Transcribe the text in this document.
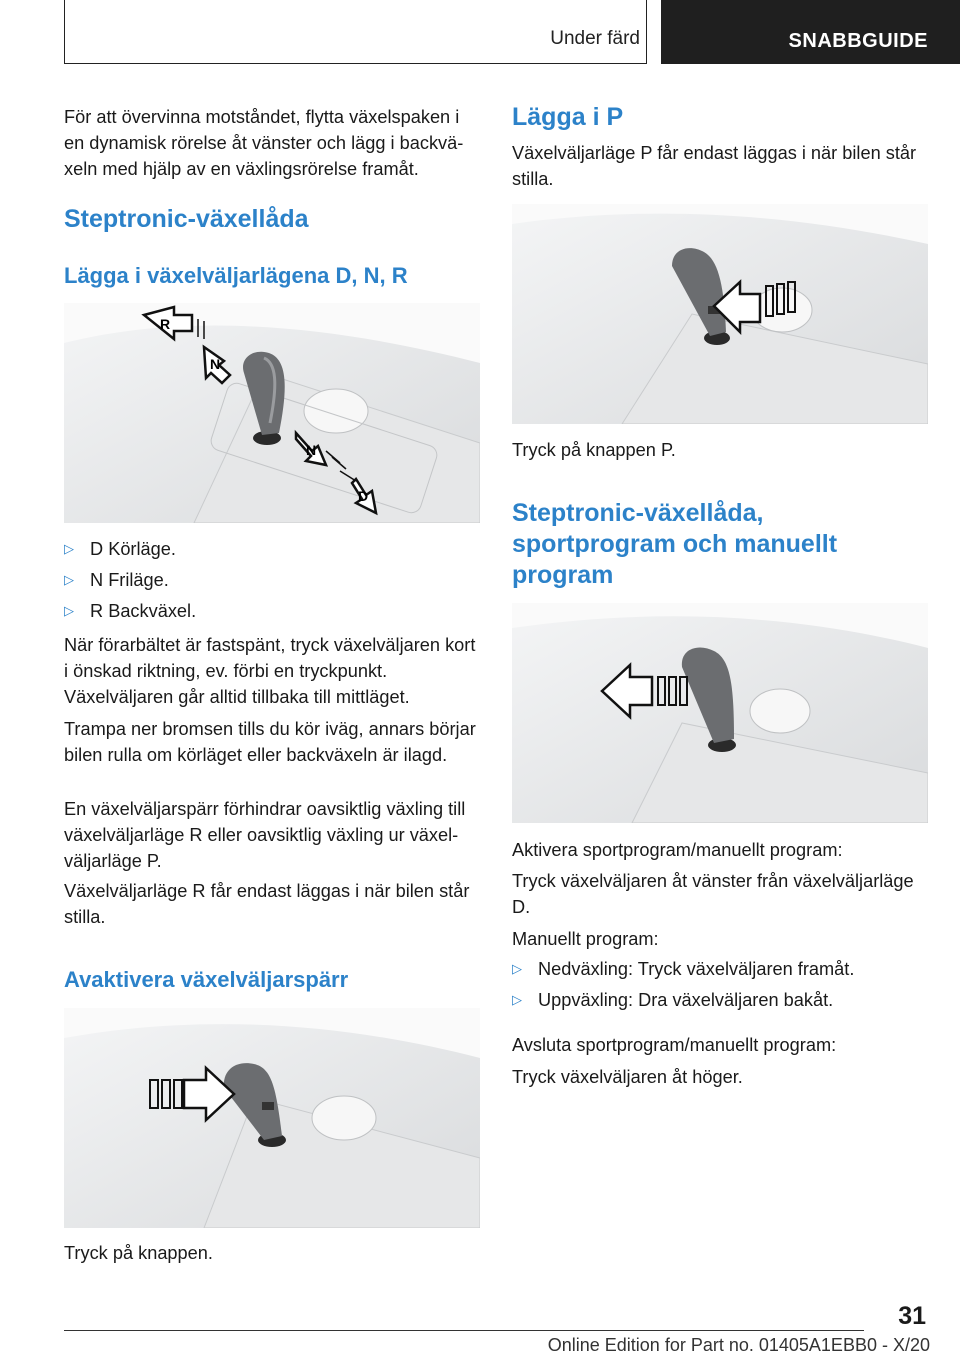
Under färd	SNABBGUIDE

För att övervinna motståndet, flytta växelspaken i en dynamisk rörelse åt vänster och lägg i backväxeln med hjälp av en växlingsrörelse framåt.

Steptronic-växellåda
Lägga i växelväljarlägena D, N, R
R
N
N
D

▷ D Körläge.

▷ N Friläge.

▷ R Backväxel.

När förarbältet är fastspänt, tryck växelväljaren kort i önskad riktning, ev. förbi en tryckpunkt. Växelväljaren går alltid tillbaka till mittläget.

Trampa ner bromsen tills du kör iväg, annars börjar bilen rulla om körläget eller backväxeln är ilagd.

En växelväljarspärr förhindrar oavsiktlig växling till växelväljarläge R eller oavsiktlig växling ur växelväljarläge P.

Växelväljarläge R får endast läggas i när bilen står stilla.

Avaktivera växelväljarspärr

Tryck på knappen.

Lägga i P

Växelväljarläge P får endast läggas i när bilen står stilla.

Tryck på knappen P.

Steptronic-växellåda, sportprogram och manuellt program

Aktivera sportprogram/manuellt program:

Tryck växelväljaren åt vänster från växelväljarläge D.

Manuellt program:

▷ Nedväxling: Tryck växelväljaren framåt.

▷ Uppväxling: Dra växelväljaren bakåt.

Avsluta sportprogram/manuellt program:

Tryck växelväljaren åt höger.

31
Online Edition for Part no. 01405A1EBB0 - X/20
